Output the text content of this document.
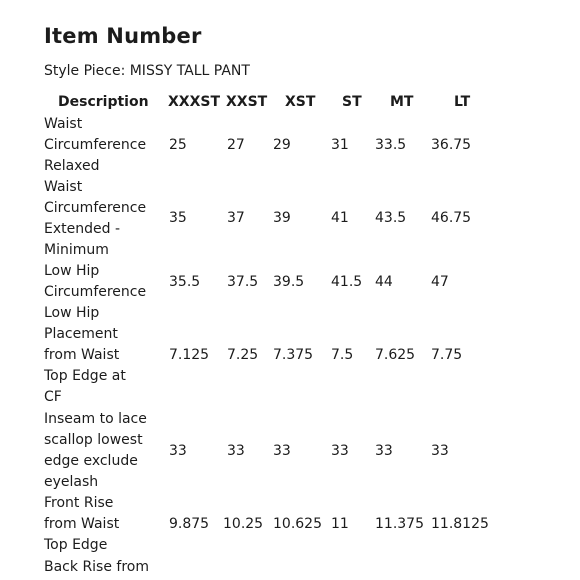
Item Number
Style Piece: MISSY TALL PANT
Description XXXST XXST XST ST MT	LT
Waist
Circumference
Relaxed
25	27 29	31 33.5 36.75
Waist
Circumference
Extended -
Minimum
35	37 39	41 43.5 46.75
Low Hip
Circumference
35.5 37.5 39.5 41.5 44	47
Low Hip
Placement
from Waist
Top Edge at
CF
7.125 7.25 7.375 7.5 7.625 7.75
Inseam to lace
scallop lowest
edge exclude
eyelash
33	33 33	33 33	33
Front Rise
from Waist
Top Edge
9.875 10.25 10.625 11	11.375 11.8125
Back Rise from
